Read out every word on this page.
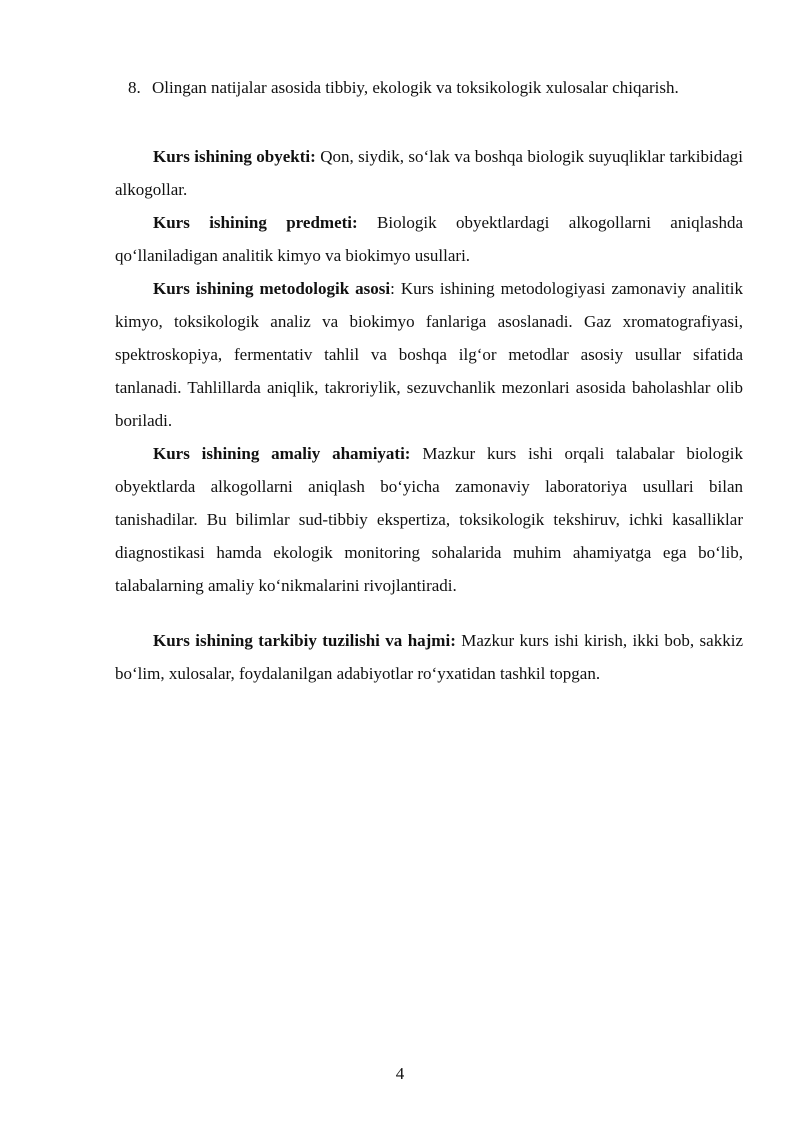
8. Olingan natijalar asosida tibbiy, ekologik va toksikologik xulosalar chiqarish.

Kurs ishining obyekti: Qon, siydik, so‘lak va boshqa biologik suyuqliklar tarkibidagi alkogollar.

Kurs ishining predmeti: Biologik obyektlardagi alkogollarni aniqlashda qo‘llaniladigan analitik kimyo va biokimyo usullari.

Kurs ishining metodologik asosi: Kurs ishining metodologiyasi zamonaviy analitik kimyo, toksikologik analiz va biokimyo fanlariga asoslanadi. Gaz xromatografiyasi, spektroskopiya, fermentativ tahlil va boshqa ilg‘or metodlar asosiy usullar sifatida tanlanadi. Tahlillarda aniqlik, takroriylik, sezuvchanlik mezonlari asosida baholashlar olib boriladi.

Kurs ishining amaliy ahamiyati: Mazkur kurs ishi orqali talabalar biologik obyektlarda alkogollarni aniqlash bo‘yicha zamonaviy laboratoriya usullari bilan tanishadilar. Bu bilimlar sud-tibbiy ekspertiza, toksikologik tekshiruv, ichki kasalliklar diagnostikasi hamda ekologik monitoring sohalarida muhim ahamiyatga ega bo‘lib, talabalarning amaliy ko‘nikmalarini rivojlantiradi.

Kurs ishining tarkibiy tuzilishi va hajmi: Mazkur kurs ishi kirish, ikki bob, sakkiz bo‘lim, xulosalar, foydalanilgan adabiyotlar ro‘yxatidan tashkil topgan.

4
